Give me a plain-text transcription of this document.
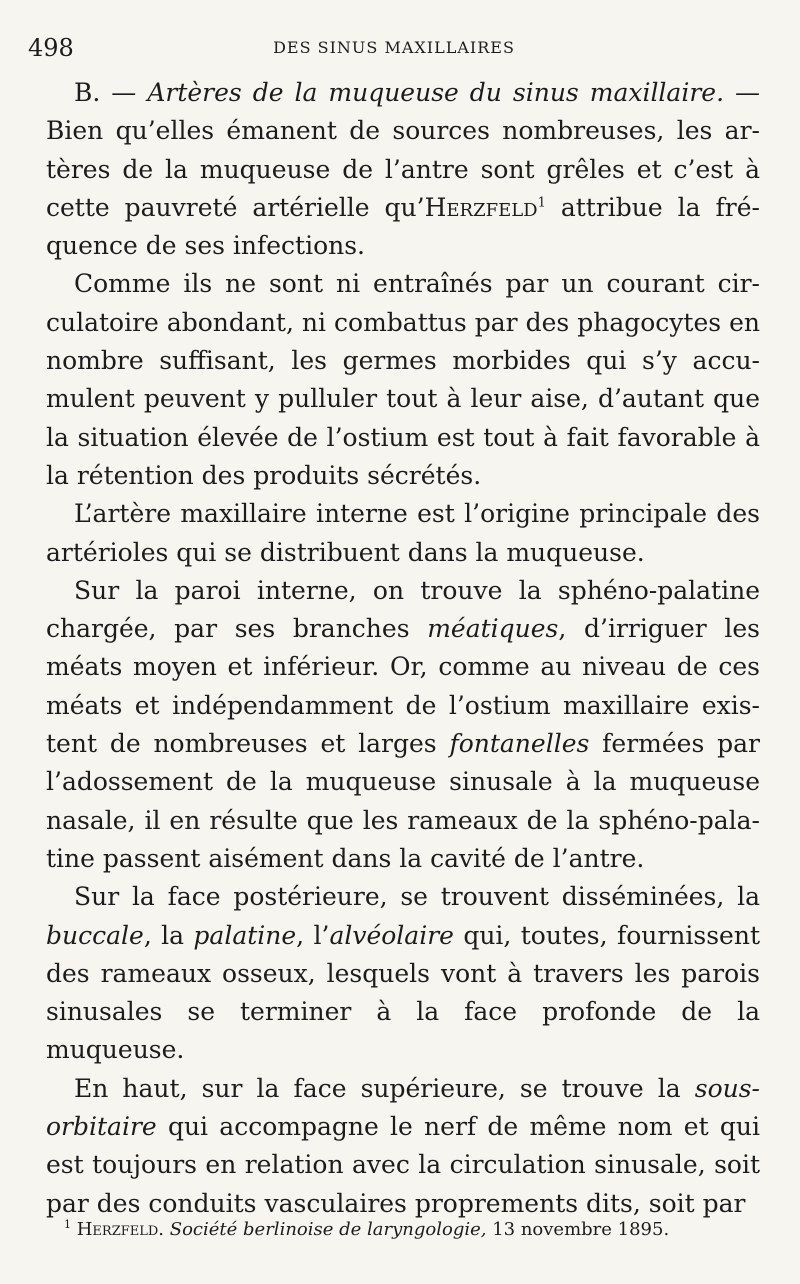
498	DES SINUS MAXILLAIRES

B. — Artères de la muqueuse du sinus maxillaire. — Bien qu’elles émanent de sources nombreuses, les artères de la muqueuse de l’antre sont grêles et c’est à cette pauvreté artérielle qu’Herzfeld$^1$ attribue la fréquence de ses infections.

Comme ils ne sont ni entraînés par un courant circulatoire abondant, ni combattus par des phagocytes en nombre suffisant, les germes morbides qui s’y accumulent peuvent y pulluler tout à leur aise, d’autant que la situation élevée de l’ostium est tout à fait favorable à la rétention des produits sécrétés.

L’artère maxillaire interne est l’origine principale des artérioles qui se distribuent dans la muqueuse.

Sur la paroi interne, on trouve la sphéno-palatine chargée, par ses branches méatiques, d’irriguer les méats moyen et inférieur. Or, comme au niveau de ces méats et indépendamment de l’ostium maxillaire existent de nombreuses et larges fontanelles fermées par l’adossement de la muqueuse sinusale à la muqueuse nasale, il en résulte que les rameaux de la sphéno-palatine passent aisément dans la cavité de l’antre.

Sur la face postérieure, se trouvent disséminées, la buccale, la palatine, l’alvéolaire qui, toutes, fournissent des rameaux osseux, lesquels vont à travers les parois sinusales se terminer à la face profonde de la muqueuse.

En haut, sur la face supérieure, se trouve la sous-orbitaire qui accompagne le nerf de même nom et qui est toujours en relation avec la circulation sinusale, soit par des conduits vasculaires proprements dits, soit par

$^1$ Herzfeld. Société berlinoise de laryngologie, 13 novembre 1895.
